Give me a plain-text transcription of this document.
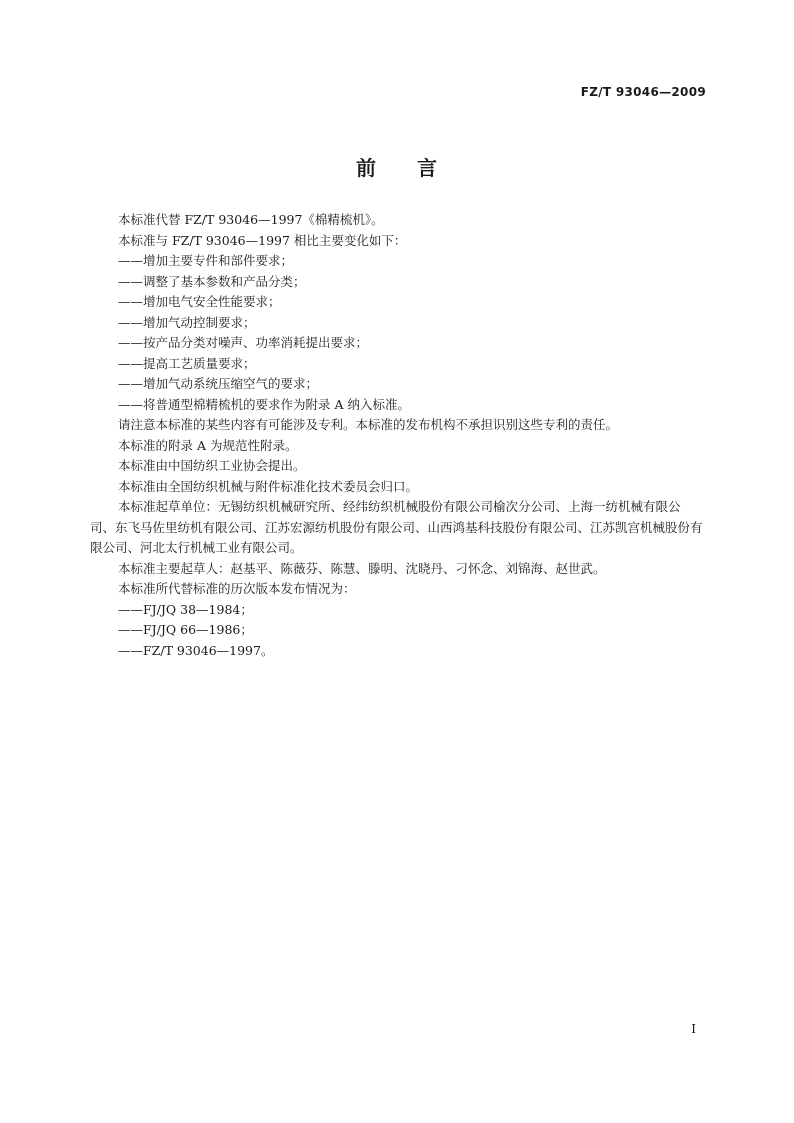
FZ/T 93046—2009
前 言

本标准代替 FZ/T 93046—1997《棉精梳机》。

本标准与 FZ/T 93046—1997 相比主要变化如下：

——增加主要专件和部件要求；

——调整了基本参数和产品分类；

——增加电气安全性能要求；

——增加气动控制要求；

——按产品分类对噪声、功率消耗提出要求；

——提高工艺质量要求；

——增加气动系统压缩空气的要求；

——将普通型棉精梳机的要求作为附录 A 纳入标准。

请注意本标准的某些内容有可能涉及专利。本标准的发布机构不承担识别这些专利的责任。

本标准的附录 A 为规范性附录。

本标准由中国纺织工业协会提出。

本标准由全国纺织机械与附件标准化技术委员会归口。

本标准起草单位：无锡纺织机械研究所、经纬纺织机械股份有限公司榆次分公司、上海一纺机械有限公司、东飞马佐里纺机有限公司、江苏宏源纺机股份有限公司、山西鸿基科技股份有限公司、江苏凯宫机械股份有限公司、河北太行机械工业有限公司。

本标准主要起草人：赵基平、陈薇芬、陈慧、滕明、沈晓丹、刁怀念、刘锦海、赵世武。

本标准所代替标准的历次版本发布情况为：

——FJ/JQ 38—1984；

——FJ/JQ 66—1986；

——FZ/T 93046—1997。

I
